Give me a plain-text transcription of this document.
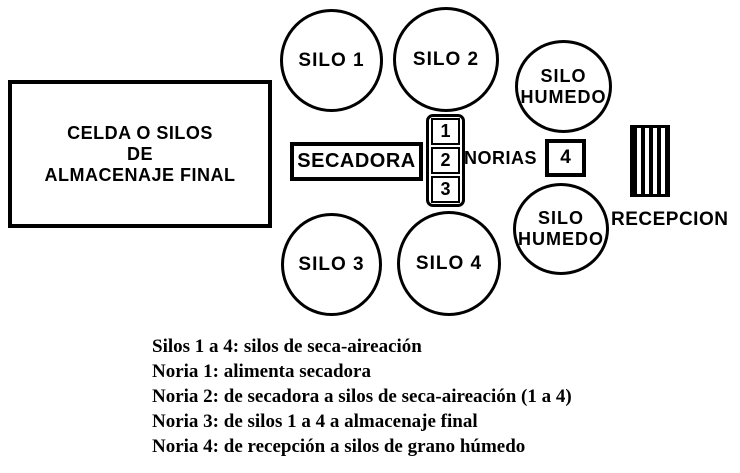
CELDA O SILOS
DE
ALMACENAJE FINAL
SILO 1	SILO 2
SILO 3	SILO 4
SILO
HUMEDO
SILO
HUMEDO
SECADORA
1
2
3
NORIAS	4
RECEPCION
Silos 1 a 4: silos de seca-aireación
Noria 1: alimenta secadora
Noria 2: de secadora a silos de seca-aireación (1 a 4)
Noria 3: de silos 1 a 4 a almacenaje final
Noria 4: de recepción a silos de grano húmedo
